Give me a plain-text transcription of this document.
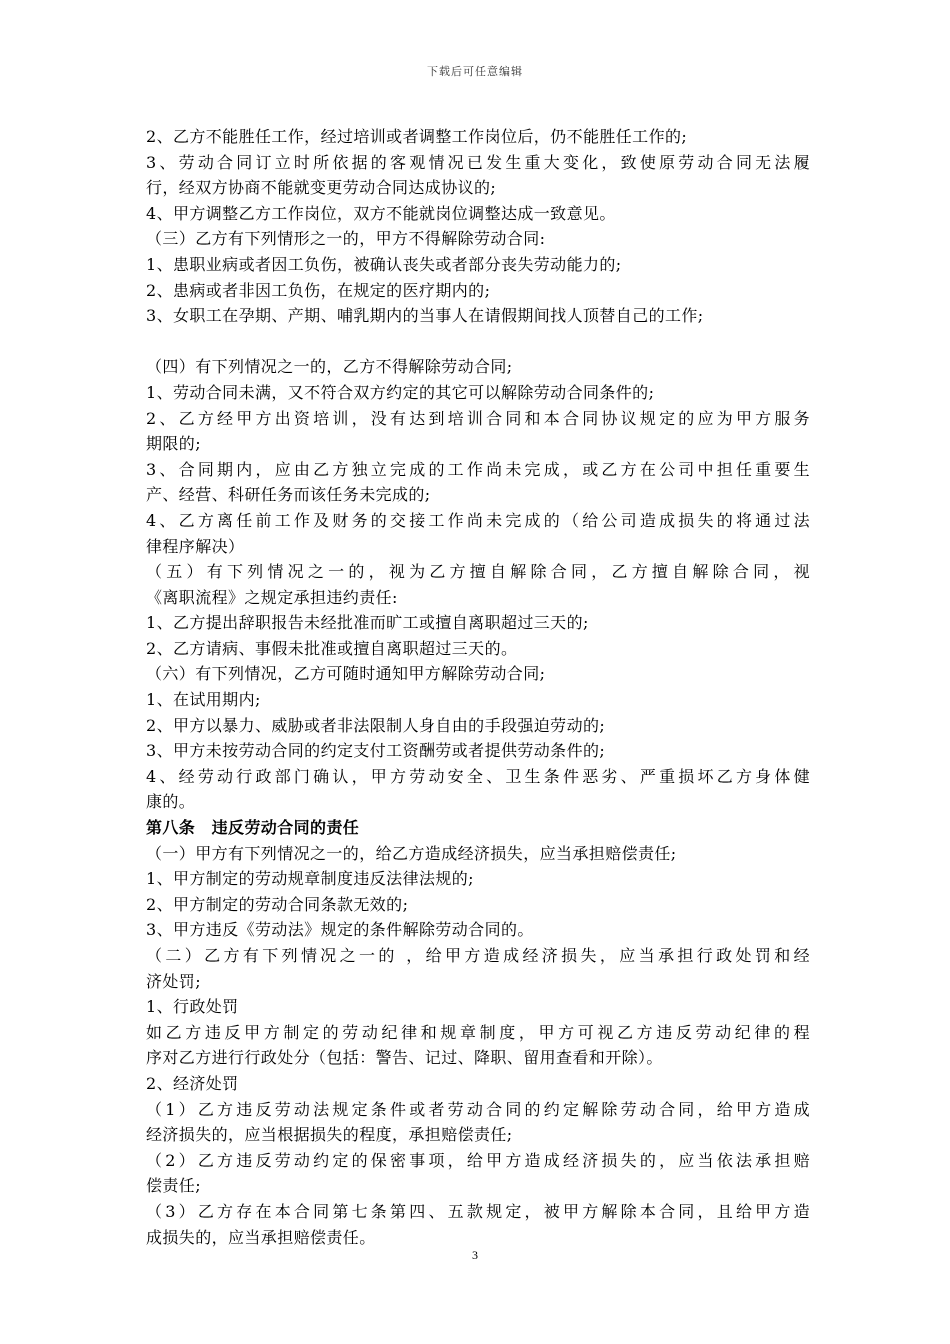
下载后可任意编辑

2、乙方不能胜任工作，经过培训或者调整工作岗位后，仍不能胜任工作的;

3、劳动合同订立时所依据的客观情况已发生重大变化，致使原劳动合同无法履

行，经双方协商不能就变更劳动合同达成协议的;

4、甲方调整乙方工作岗位，双方不能就岗位调整达成一致意见。

（三）乙方有下列情形之一的，甲方不得解除劳动合同:

1、患职业病或者因工负伤，被确认丧失或者部分丧失劳动能力的;

2、患病或者非因工负伤，在规定的医疗期内的;

3、女职工在孕期、产期、哺乳期内的当事人在请假期间找人顶替自己的工作;

（四）有下列情况之一的，乙方不得解除劳动合同;

1、劳动合同未满，又不符合双方约定的其它可以解除劳动合同条件的;

2、乙方经甲方出资培训，没有达到培训合同和本合同协议规定的应为甲方服务

期限的;

3、合同期内，应由乙方独立完成的工作尚未完成，或乙方在公司中担任重要生

产、经营、科研任务而该任务未完成的;

4、乙方离任前工作及财务的交接工作尚未完成的（给公司造成损失的将通过法

律程序解决）

（五）有下列情况之一的，视为乙方擅自解除合同，乙方擅自解除合同，视

《离职流程》之规定承担违约责任:

1、乙方提出辞职报告未经批准而旷工或擅自离职超过三天的;

2、乙方请病、事假未批准或擅自离职超过三天的。

（六）有下列情况，乙方可随时通知甲方解除劳动合同;

1、在试用期内;

2、甲方以暴力、威胁或者非法限制人身自由的手段强迫劳动的;

3、甲方未按劳动合同的约定支付工资酬劳或者提供劳动条件的;

4、经劳动行政部门确认，甲方劳动安全、卫生条件恶劣、严重损坏乙方身体健

康的。

第八条　违反劳动合同的责任

（一）甲方有下列情况之一的，给乙方造成经济损失，应当承担赔偿责任;

1、甲方制定的劳动规章制度违反法律法规的;

2、甲方制定的劳动合同条款无效的;

3、甲方违反《劳动法》规定的条件解除劳动合同的。

（二）乙方有下列情况之一的 ，给甲方造成经济损失，应当承担行政处罚和经

济处罚;

1、行政处罚

如乙方违反甲方制定的劳动纪律和规章制度，甲方可视乙方违反劳动纪律的程

序对乙方进行行政处分（包括：警告、记过、降职、留用查看和开除）。

2、经济处罚

（1）乙方违反劳动法规定条件或者劳动合同的约定解除劳动合同，给甲方造成

经济损失的，应当根据损失的程度，承担赔偿责任;

（2）乙方违反劳动约定的保密事项，给甲方造成经济损失的，应当依法承担赔

偿责任;

（3）乙方存在本合同第七条第四、五款规定，被甲方解除本合同，且给甲方造

成损失的，应当承担赔偿责任。

3
